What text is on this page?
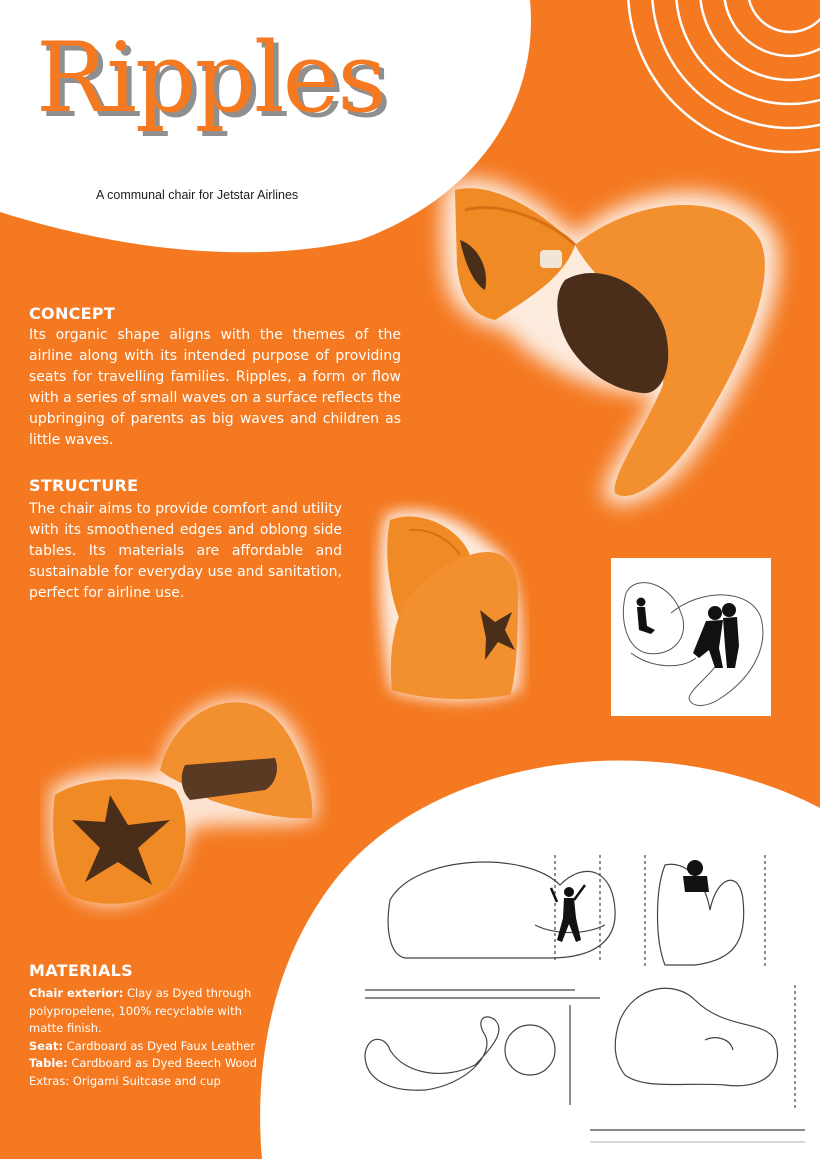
Ripples
A communal chair for Jetstar Airlines
CONCEPT

Its organic shape aligns with the themes of the airline along with its intended purpose of providing seats for travelling families. Ripples, a form or flow with a series of small waves on a surface reflects the upbringing of parents as big waves and children as little waves.

STRUCTURE

The chair aims to provide comfort and utility with its smoothened edges and oblong side tables. Its materials are affordable and sustainable for everyday use and sanitation, perfect for airline use.

MATERIALS
Chair exterior: Clay as Dyed through polypropelene, 100% recyclable with matte finish.
Seat: Cardboard as Dyed Faux Leather
Table: Cardboard as Dyed Beech Wood
Extras: Origami Suitcase and cup
